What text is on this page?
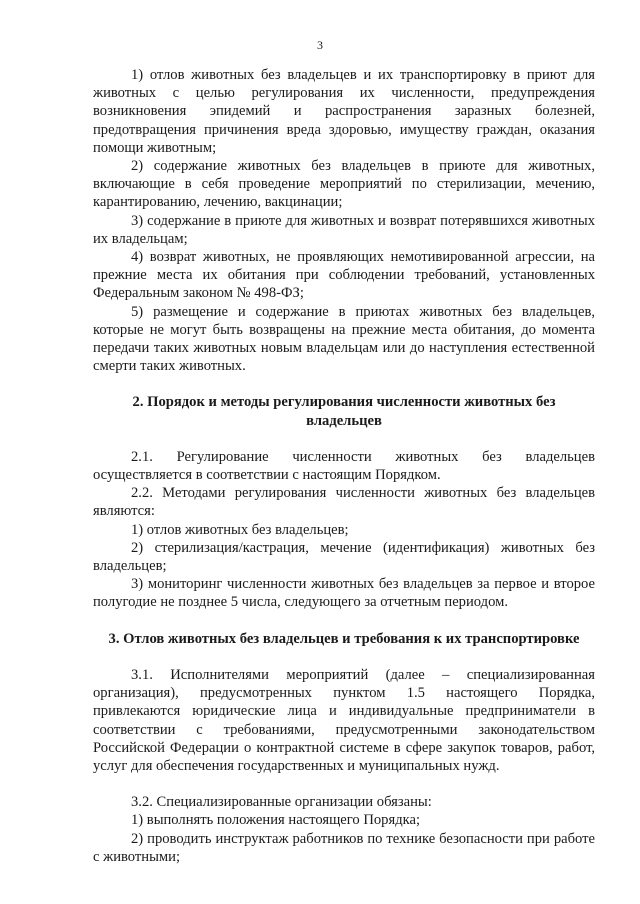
3

1) отлов животных без владельцев и их транспортировку в приют для животных с целью регулирования их численности, предупреждения возникновения эпидемий и распространения заразных болезней, предотвращения причинения вреда здоровью, имуществу граждан, оказания помощи животным;

2) содержание животных без владельцев в приюте для животных, включающие в себя проведение мероприятий по стерилизации, мечению, карантированию, лечению, вакцинации;

3) содержание в приюте для животных и возврат потерявшихся животных их владельцам;

4) возврат животных, не проявляющих немотивированной агрессии, на прежние места их обитания при соблюдении требований, установленных Федеральным законом № 498-ФЗ;

5) размещение и содержание в приютах животных без владельцев, которые не могут быть возвращены на прежние места обитания, до момента передачи таких животных новым владельцам или до наступления естественной смерти таких животных.

2. Порядок и методы регулирования численности животных без владельцев

2.1. Регулирование численности животных без владельцев осуществляется в соответствии с настоящим Порядком.

2.2. Методами регулирования численности животных без владельцев являются:

1) отлов животных без владельцев;

2) стерилизация/кастрация, мечение (идентификация) животных без владельцев;

3) мониторинг численности животных без владельцев за первое и второе полугодие не позднее 5 числа, следующего за отчетным периодом.

3. Отлов животных без владельцев и требования к их транспортировке

3.1. Исполнителями мероприятий (далее – специализированная организация), предусмотренных пунктом 1.5 настоящего Порядка, привлекаются юридические лица и индивидуальные предприниматели в соответствии с требованиями, предусмотренными законодательством Российской Федерации о контрактной системе в сфере закупок товаров, работ, услуг для обеспечения государственных и муниципальных нужд.

3.2. Специализированные организации обязаны:

1) выполнять положения настоящего Порядка;

2) проводить инструктаж работников по технике безопасности при работе с животными;
